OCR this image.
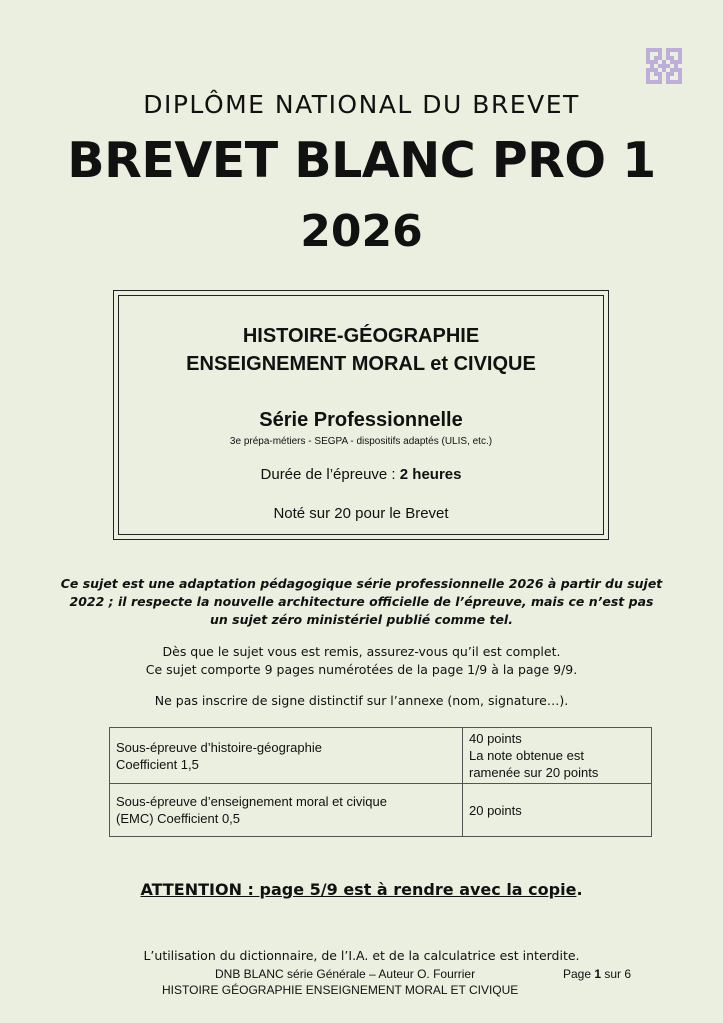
DIPLÔME NATIONAL DU BREVET
BREVET BLANC PRO 1
2026
HISTOIRE-GÉOGRAPHIE
ENSEIGNEMENT MORAL et CIVIQUE
Série Professionnelle
3e prépa-métiers - SEGPA - dispositifs adaptés (ULIS, etc.)
Durée de l’épreuve : 2 heures
Noté sur 20 pour le Brevet
Ce sujet est une adaptation pédagogique série professionnelle 2026 à partir du sujet 2022 ; il respecte la nouvelle architecture officielle de l’épreuve, mais ce n’est pas un sujet zéro ministériel publié comme tel.
Dès que le sujet vous est remis, assurez-vous qu’il est complet.
Ce sujet comporte 9 pages numérotées de la page 1/9 à la page 9/9.
Ne pas inscrire de signe distinctif sur l’annexe (nom, signature…).
Sous-épreuve d’histoire-géographie
Coefficient 1,5	40 points
La note obtenue est
ramenée sur 20 points

Sous-épreuve d’enseignement moral et civique
(EMC) Coefficient 0,5	20 points
ATTENTION : page 5/9 est à rendre avec la copie.
L’utilisation du dictionnaire, de l’I.A. et de la calculatrice est interdite.
DNB BLANC série Générale – Auteur O. Fourrier	Page 1 sur 6
HISTOIRE GÉOGRAPHIE ENSEIGNEMENT MORAL ET CIVIQUE
